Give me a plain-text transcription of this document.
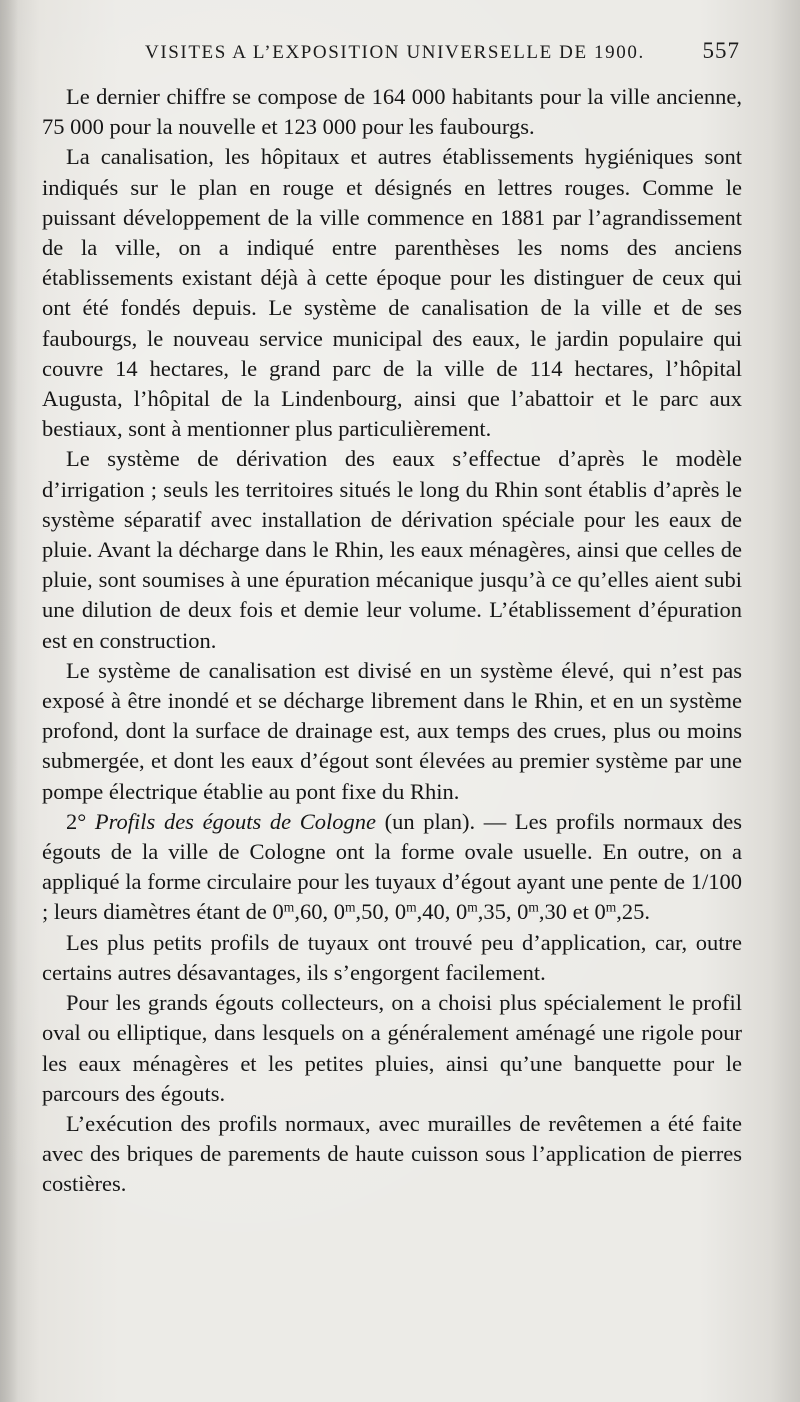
VISITES A L’EXPOSITION UNIVERSELLE DE 1900.	557

Le dernier chiffre se compose de 164 000 habitants pour la ville ancienne, 75 000 pour la nouvelle et 123 000 pour les faubourgs.

La canalisation, les hôpitaux et autres établissements hygiéniques sont indiqués sur le plan en rouge et désignés en lettres rouges. Comme le puissant développement de la ville commence en 1881 par l’agrandissement de la ville, on a indiqué entre parenthèses les noms des anciens établissements existant déjà à cette époque pour les distinguer de ceux qui ont été fondés depuis. Le système de canalisation de la ville et de ses faubourgs, le nouveau service municipal des eaux, le jardin populaire qui couvre 14 hectares, le grand parc de la ville de 114 hectares, l’hôpital Augusta, l’hôpital de la Lindenbourg, ainsi que l’abattoir et le parc aux bestiaux, sont à mentionner plus particulièrement.

Le système de dérivation des eaux s’effectue d’après le modèle d’irrigation ; seuls les territoires situés le long du Rhin sont établis d’après le système séparatif avec installation de dérivation spéciale pour les eaux de pluie. Avant la décharge dans le Rhin, les eaux ménagères, ainsi que celles de pluie, sont soumises à une épuration mécanique jusqu’à ce qu’elles aient subi une dilution de deux fois et demie leur volume. L’établissement d’épuration est en construction.

Le système de canalisation est divisé en un système élevé, qui n’est pas exposé à être inondé et se décharge librement dans le Rhin, et en un système profond, dont la surface de drainage est, aux temps des crues, plus ou moins submergée, et dont les eaux d’égout sont élevées au premier système par une pompe électrique établie au pont fixe du Rhin.

2° Profils des égouts de Cologne (un plan). — Les profils normaux des égouts de la ville de Cologne ont la forme ovale usuelle. En outre, on a appliqué la forme circulaire pour les tuyaux d’égout ayant une pente de 1/100 ; leurs diamètres étant de 0$^m$,60, 0$^m$,50, 0$^m$,40, 0$^m$,35, 0$^m$,30 et 0$^m$,25.

Les plus petits profils de tuyaux ont trouvé peu d’application, car, outre certains autres désavantages, ils s’engorgent facilement.

Pour les grands égouts collecteurs, on a choisi plus spécialement le profil oval ou elliptique, dans lesquels on a généralement aménagé une rigole pour les eaux ménagères et les petites pluies, ainsi qu’une banquette pour le parcours des égouts.

L’exécution des profils normaux, avec murailles de revêtemen a été faite avec des briques de parements de haute cuisson sous l’application de pierres costières.
